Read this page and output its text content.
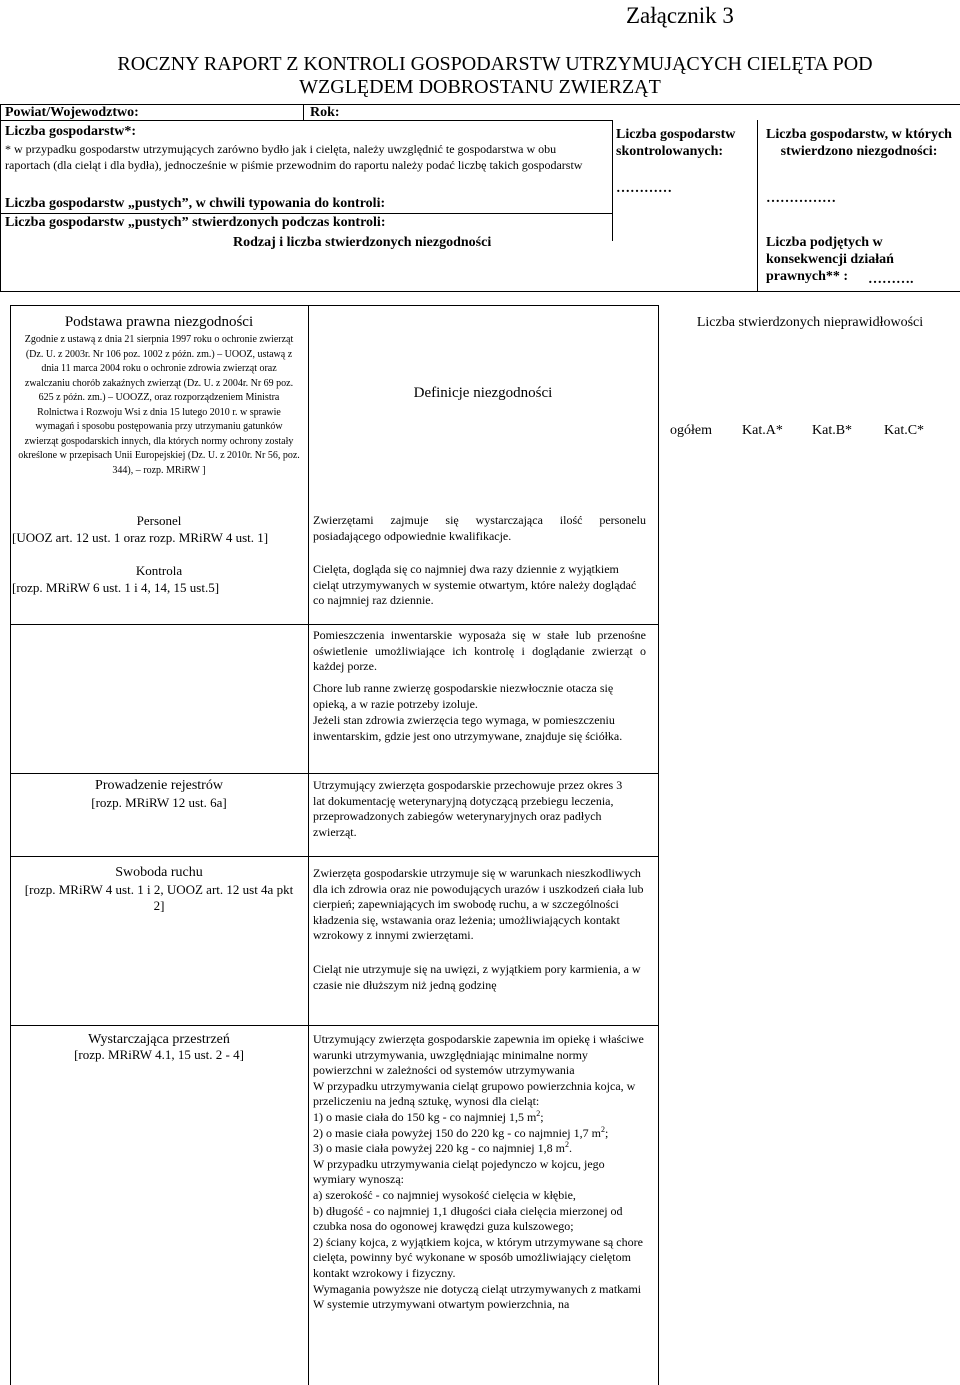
Załącznik 3
ROCZNY RAPORT Z KONTROLI GOSPODARSTW UTRZYMUJĄCYCH CIELĘTA POD
WZGLĘDEM DOBROSTANU ZWIERZĄT
Powiat/Wojewodztwo:	Rok:
Liczba gospodarstw*:
* w przypadku gospodarstw utrzymujących zarówno bydło jak i cielęta, należy uwzględnić te gospodarstwa w obu raportach (dla cieląt i dla bydła), jednocześnie w piśmie przewodnim do raportu należy podać liczbę takich gospodarstw
Liczba gospodarstw „pustych”, w chwili typowania do kontroli:
Liczba gospodarstw „pustych” stwierdzonych podczas kontroli:
Rodzaj i liczba stwierdzonych niezgodności
Liczba gospodarstw skontrolowanych:
…………
Liczba gospodarstw, w których stwierdzono niezgodności:
……………
Liczba podjętych w konsekwencji działań prawnych** :	……….
Podstawa prawna niezgodności
Zgodnie z ustawą z dnia 21 sierpnia 1997 roku o ochronie zwierząt (Dz. U. z 2003r. Nr 106 poz. 1002 z późn. zm.) – UOOZ, ustawą z dnia 11 marca 2004 roku o ochronie zdrowia zwierząt oraz zwalczaniu chorób zakaźnych zwierząt (Dz. U. z 2004r. Nr 69 poz. 625 z późn. zm.) – UOOZZ, oraz rozporządzeniem Ministra Rolnictwa i Rozwoju Wsi z dnia 15 lutego 2010 r. w sprawie wymagań i sposobu postępowania przy utrzymaniu gatunków zwierząt gospodarskich innych, dla których normy ochrony zostały określone w przepisach Unii Europejskiej (Dz. U. z 2010r. Nr 56, poz. 344), – rozp. MRiRW ]
Definicje niezgodności
Liczba stwierdzonych nieprawidłowości
ogółem Kat.A* Kat.B* Kat.C*
Personel
[UOOZ art. 12 ust. 1 oraz rozp. MRiRW 4 ust. 1]
Kontrola
[rozp. MRiRW 6 ust. 1 i 4, 14, 15 ust.5]
Zwierzętami zajmuje się wystarczająca ilość personelu posiadającego odpowiednie kwalifikacje.
Cielęta, dogląda się co najmniej dwa razy dziennie z wyjątkiem cieląt utrzymywanych w systemie otwartym, które należy doglądać co najmniej raz dziennie.
Pomieszczenia inwentarskie wyposaża się w stałe lub przenośne oświetlenie umożliwiające ich kontrolę i doglądanie zwierząt o każdej porze.
Chore lub ranne zwierzę gospodarskie niezwłocznie otacza się opieką, a w razie potrzeby izoluje.
Jeżeli stan zdrowia zwierzęcia tego wymaga, w pomieszczeniu inwentarskim, gdzie jest ono utrzymywane, znajduje się ściółka.
Prowadzenie rejestrów
[rozp. MRiRW 12 ust. 6a]
Utrzymujący zwierzęta gospodarskie przechowuje przez okres 3 lat dokumentację weterynaryjną dotyczącą przebiegu leczenia, przeprowadzonych zabiegów weterynaryjnych oraz padłych zwierząt.
Swoboda ruchu
[rozp. MRiRW 4 ust. 1 i 2, UOOZ art. 12 ust 4a pkt 2]
Zwierzęta gospodarskie utrzymuje się w warunkach nieszkodliwych dla ich zdrowia oraz nie powodujących urazów i uszkodzeń ciała lub cierpień; zapewniających im swobodę ruchu, a w szczególności kładzenia się, wstawania oraz leżenia; umożliwiających kontakt wzrokowy z innymi zwierzętami.
Cieląt nie utrzymuje się na uwięzi, z wyjątkiem pory karmienia, a w czasie nie dłuższym niż jedną godzinę
Wystarczająca przestrzeń
[rozp. MRiRW 4.1, 15 ust. 2 - 4]

Utrzymujący zwierzęta gospodarskie zapewnia im opiekę i właściwe warunki utrzymywania, uwzględniając minimalne normy powierzchni w zależności od systemów utrzymywania

W przypadku utrzymywania cieląt grupowo powierzchnia kojca, w przeliczeniu na jedną sztukę, wynosi dla cieląt:

1) o masie ciała do 150 kg - co najmniej 1,5 $m^2$;

2) o masie ciała powyżej 150 do 220 kg - co najmniej 1,7 $m^2$;

3) o masie ciała powyżej 220 kg - co najmniej 1,8 $m^2$.

W przypadku utrzymywania cieląt pojedynczo w kojcu, jego wymiary wynoszą:

a) szerokość - co najmniej wysokość cielęcia w kłębie,

b) długość - co najmniej 1,1 długości ciała cielęcia mierzonej od czubka nosa do ogonowej krawędzi guza kulszowego;

2) ściany kojca, z wyjątkiem kojca, w którym utrzymywane są chore cielęta, powinny być wykonane w sposób umożliwiający cielętom kontakt wzrokowy i fizyczny.

Wymagania powyższe nie dotyczą cieląt utrzymywanych z matkami

W systemie utrzymywani otwartym powierzchnia, na
